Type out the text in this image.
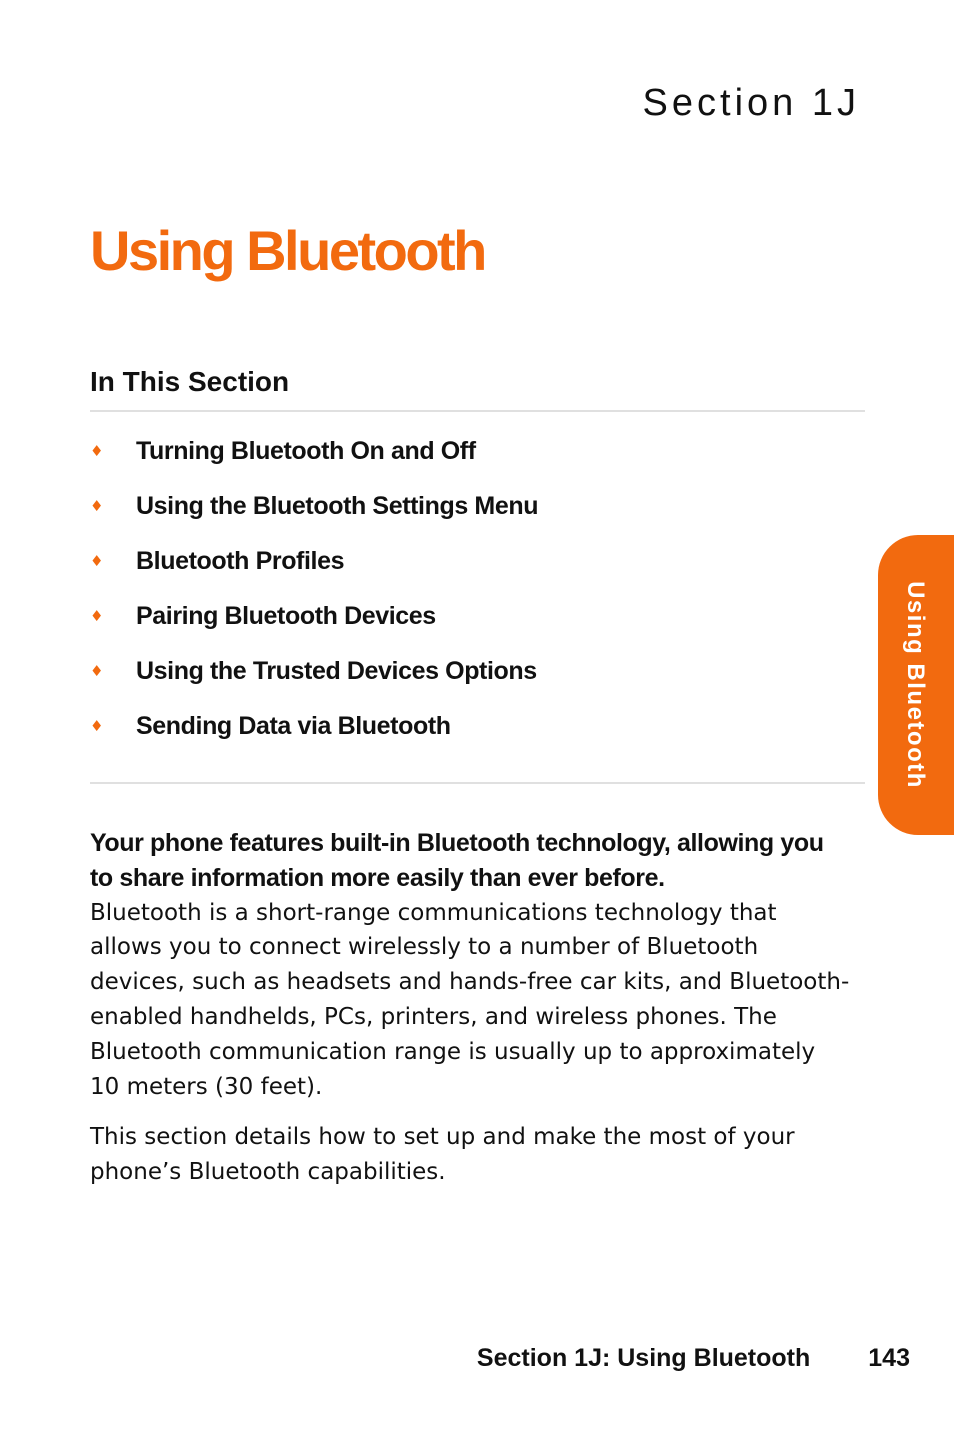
Section 1J
Using Bluetooth
In This Section
♦ Turning Bluetooth On and Off
♦ Using the Bluetooth Settings Menu
♦ Bluetooth Profiles
♦ Pairing Bluetooth Devices
♦ Using the Trusted Devices Options
♦ Sending Data via Bluetooth

Your phone features built-in Bluetooth technology, allowing you to share information more easily than ever before.

Bluetooth is a short-range communications technology that allows you to connect wirelessly to a number of Bluetooth devices, such as headsets and hands-free car kits, and Bluetooth-enabled handhelds, PCs, printers, and wireless phones. The Bluetooth communication range is usually up to approximately 10 meters (30 feet).

This section details how to set up and make the most of your phone’s Bluetooth capabilities.

Using Bluetooth
Section 1J: Using Bluetooth 143
